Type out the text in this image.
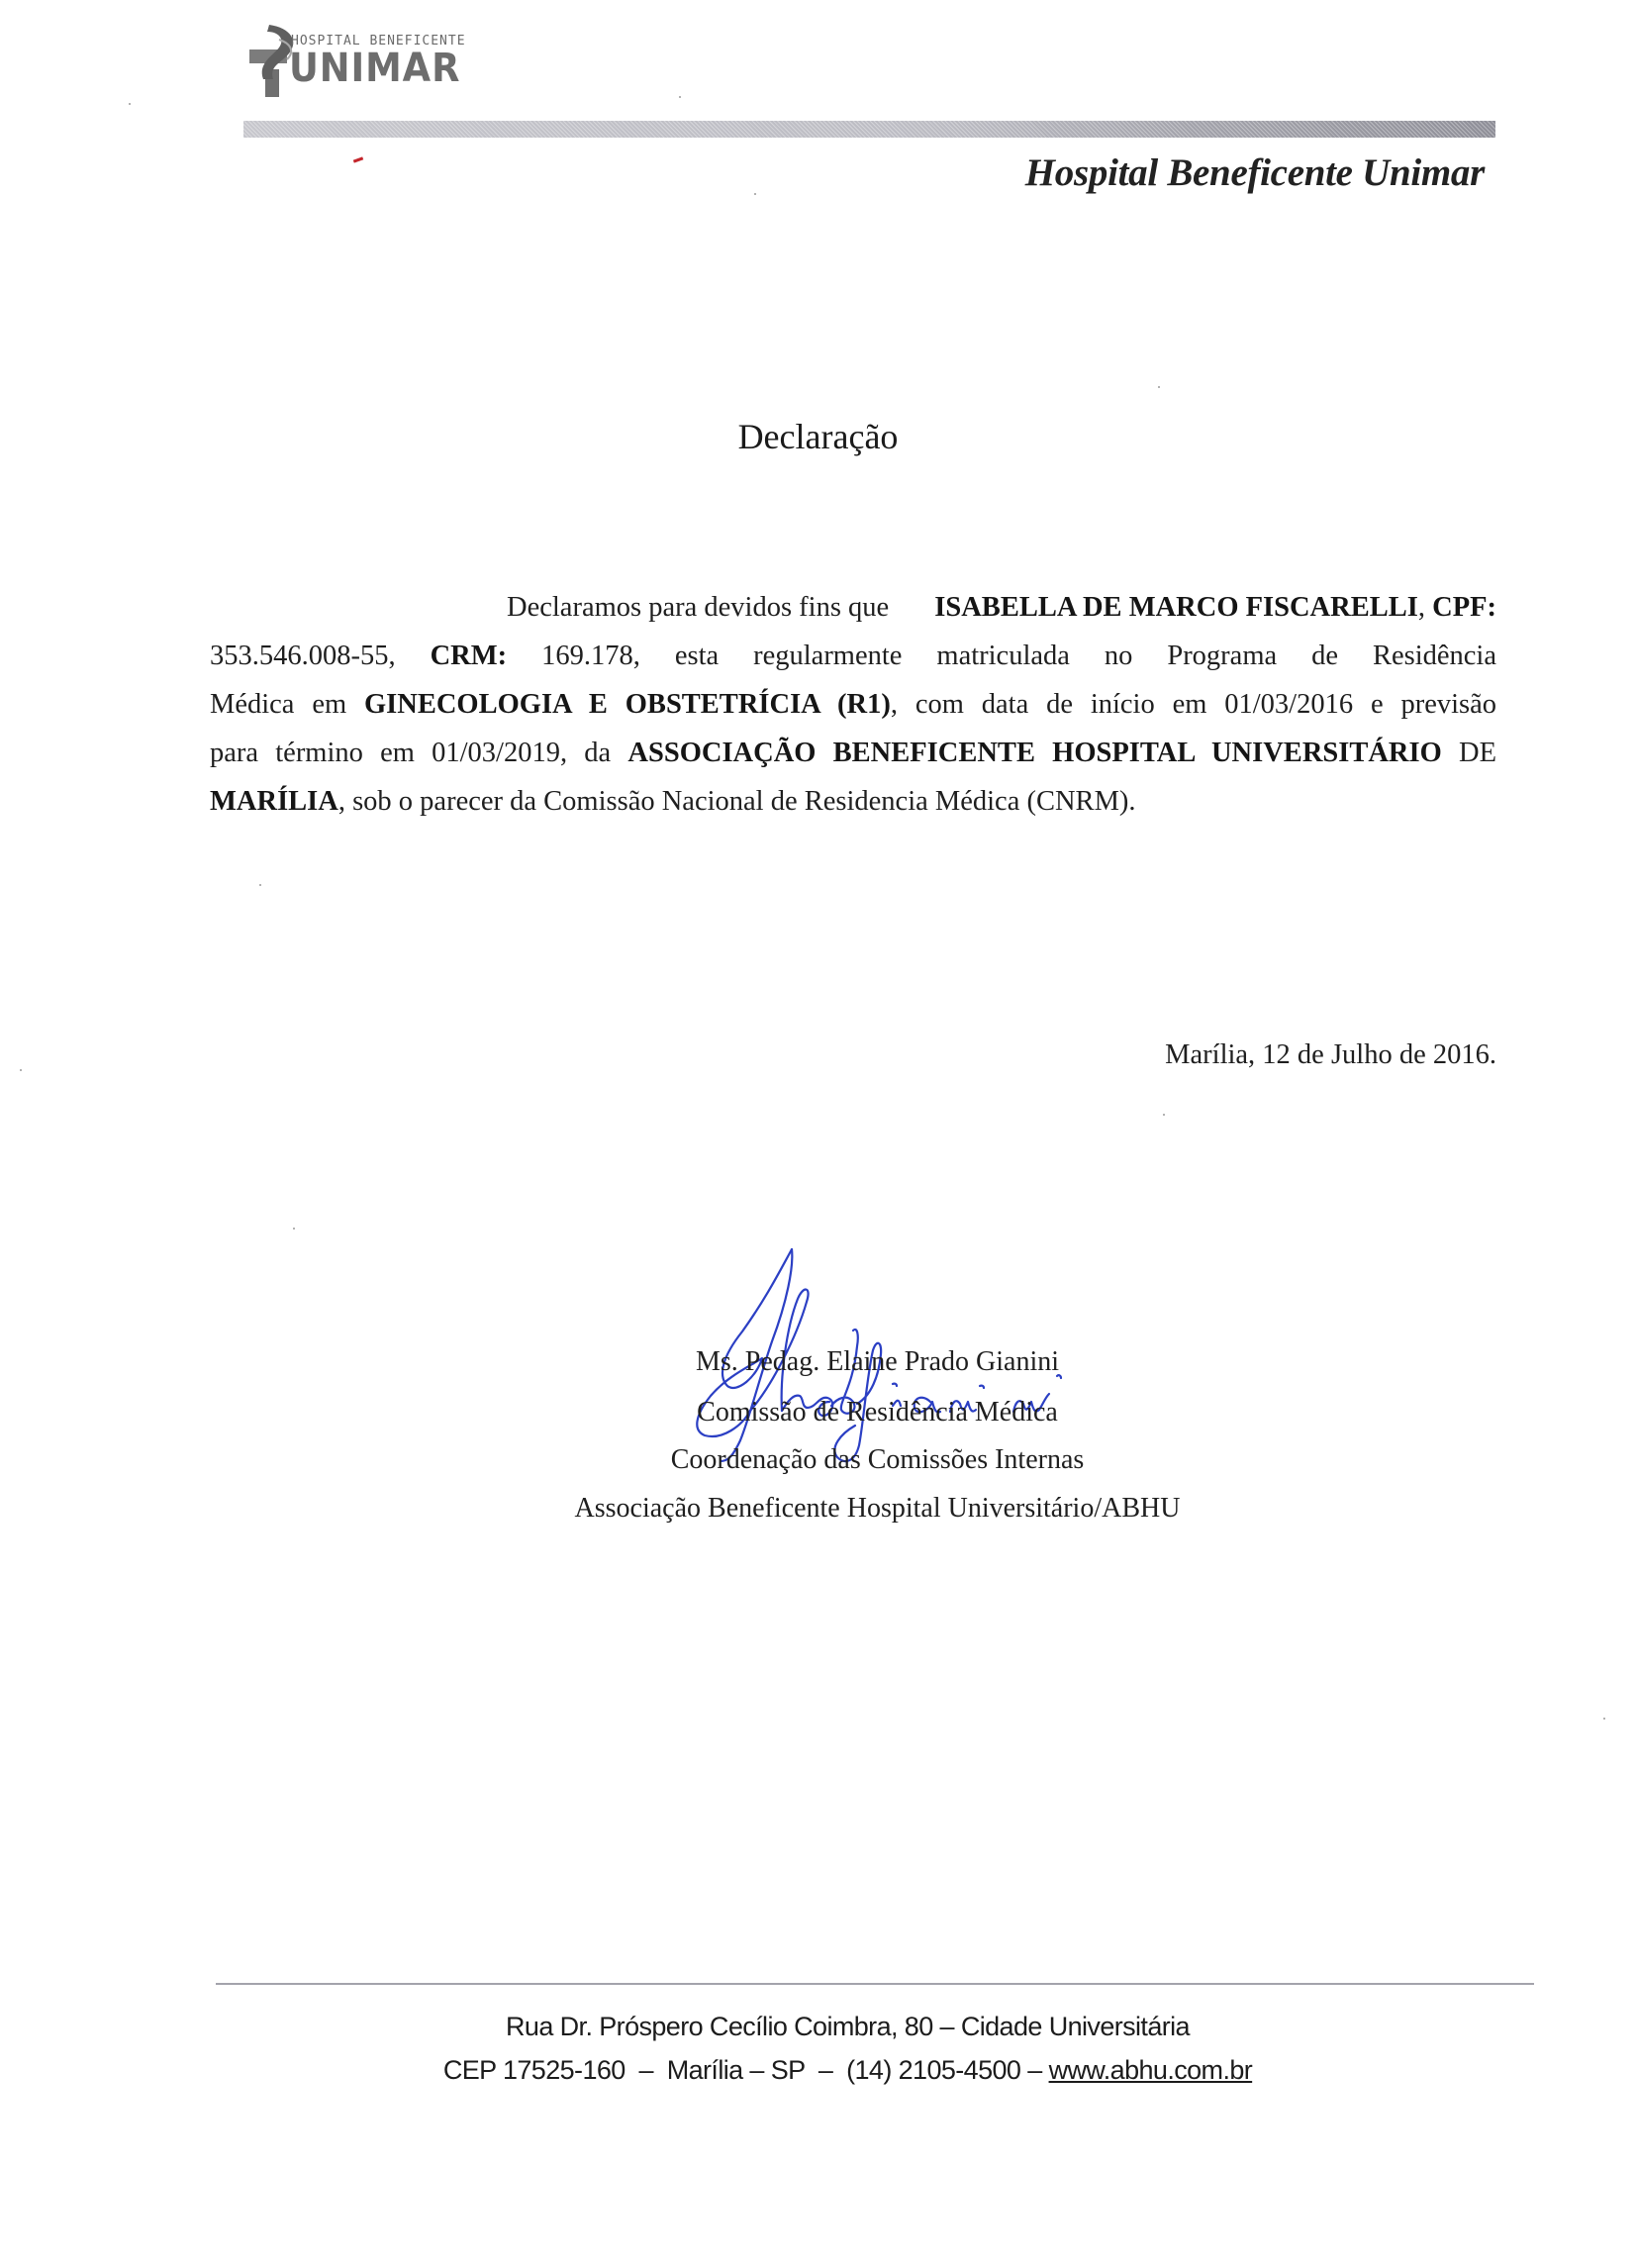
HOSPITAL BENEFICENTE
UNIMAR
Hospital Beneficente Unimar
Declaração
Declaramos para devidos fins que ISABELLA DE MARCO FISCARELLI, CPF:
353.546.008-55, CRM: 169.178, esta regularmente matriculada no Programa de Residência
Médica em GINECOLOGIA E OBSTETRÍCIA (R1), com data de início em 01/03/2016 e previsão
para término em 01/03/2019, da ASSOCIAÇÃO BENEFICENTE HOSPITAL UNIVERSITÁRIO DE
MARÍLIA, sob o parecer da Comissão Nacional de Residencia Médica (CNRM).
Marília, 12 de Julho de 2016.
Ms. Pedag. Elaine Prado Gianini
Comissão de Residência Médica
Coordenação das Comissões Internas
Associação Beneficente Hospital Universitário/ABHU
Rua Dr. Próspero Cecílio Coimbra, 80 – Cidade Universitária
CEP 17525-160  –  Marília – SP  –  (14) 2105-4500 – www.abhu.com.br
